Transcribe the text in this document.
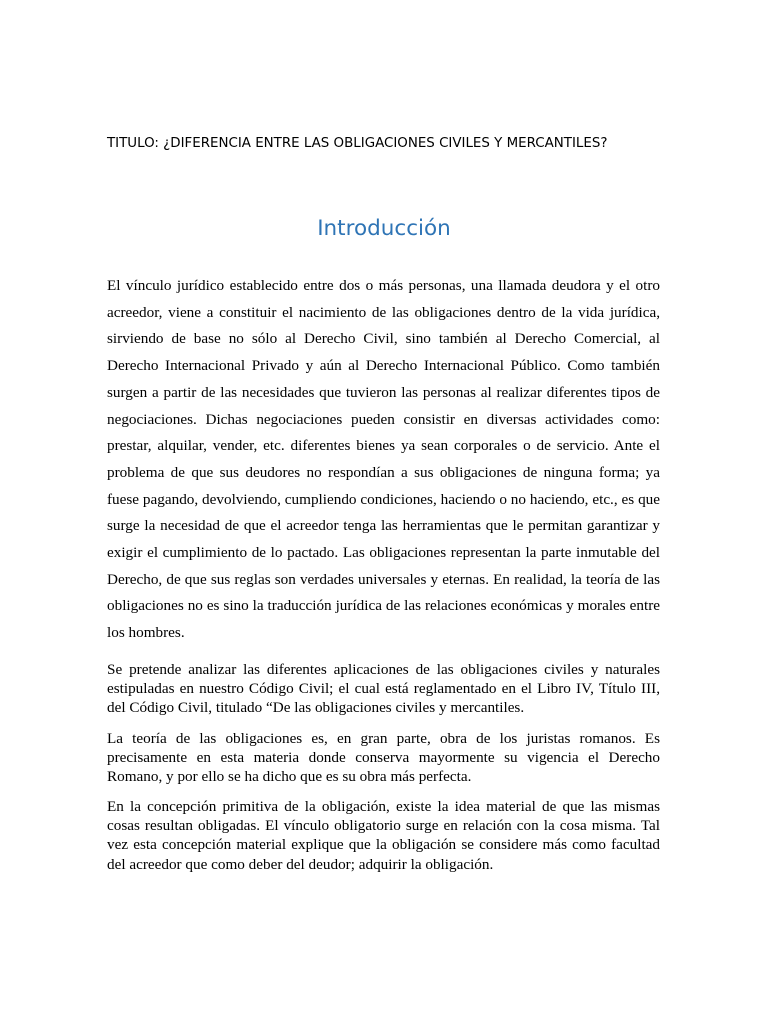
TITULO: ¿DIFERENCIA ENTRE LAS OBLIGACIONES CIVILES Y MERCANTILES?

Introducción

El vínculo jurídico establecido entre dos o más personas, una llamada deudora y el otro acreedor, viene a constituir el nacimiento de las obligaciones dentro de la vida jurídica, sirviendo de base no sólo al Derecho Civil, sino también al Derecho Comercial, al Derecho Internacional Privado y aún al Derecho Internacional Público. Como también surgen a partir de las necesidades que tuvieron las personas al realizar diferentes tipos de negociaciones. Dichas negociaciones pueden consistir en diversas actividades como: prestar, alquilar, vender, etc. diferentes bienes ya sean corporales o de servicio. Ante el problema de que sus deudores no respondían a sus obligaciones de ninguna forma; ya fuese pagando, devolviendo, cumpliendo condiciones, haciendo o no haciendo, etc., es que surge la necesidad de que el acreedor tenga las herramientas que le permitan garantizar y exigir el cumplimiento de lo pactado. Las obligaciones representan la parte inmutable del Derecho, de que sus reglas son verdades universales y eternas. En realidad, la teoría de las obligaciones no es sino la traducción jurídica de las relaciones económicas y morales entre los hombres.

Se pretende analizar las diferentes aplicaciones de las obligaciones civiles y naturales estipuladas en nuestro Código Civil; el cual está reglamentado en el Libro IV, Título III, del Código Civil, titulado “De las obligaciones civiles y mercantiles.

La teoría de las obligaciones es, en gran parte, obra de los juristas romanos. Es precisamente en esta materia donde conserva mayormente su vigencia el Derecho Romano, y por ello se ha dicho que es su obra más perfecta.

En la concepción primitiva de la obligación, existe la idea material de que las mismas cosas resultan obligadas. El vínculo obligatorio surge en relación con la cosa misma. Tal vez esta concepción material explique que la obligación se considere más como facultad del acreedor que como deber del deudor; adquirir la obligación.
